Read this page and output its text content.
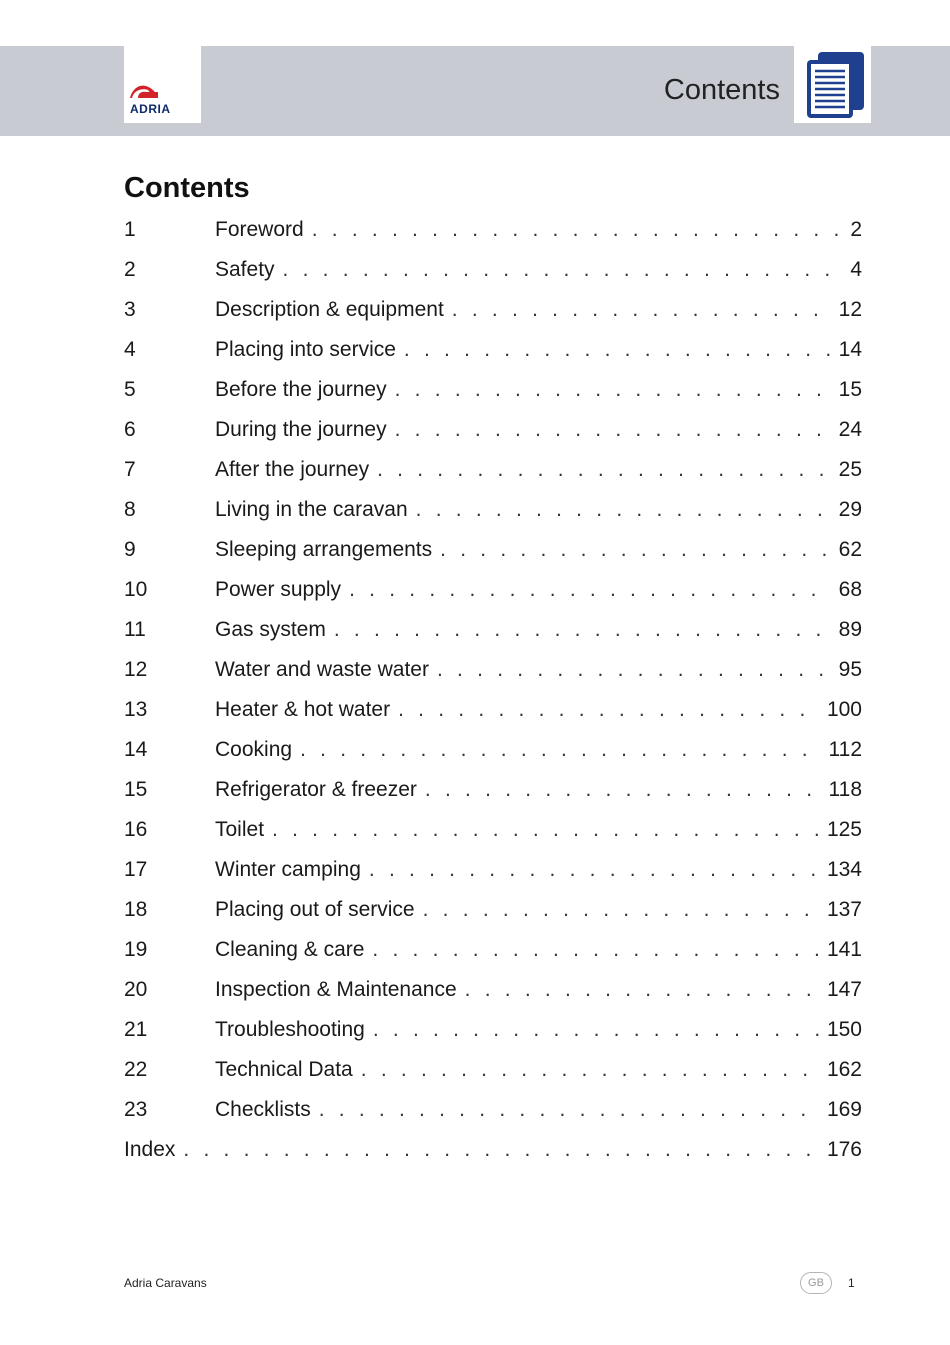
ADRIA
Contents
Contents
1	Foreword . . .	2
2	Safety . . .	4
3	Description & equipment . . .	12
4	Placing into service . . .	14
5	Before the journey . . .	15
6	During the journey . . .	24
7	After the journey . . .	25
8	Living in the caravan . . .	29
9	Sleeping arrangements . . .	62
10	Power supply . . .	68
11	Gas system . . .	89
12	Water and waste water . . .	95
13	Heater & hot water . . .	100
14	Cooking . . .	112
15	Refrigerator & freezer . . .	118
16	Toilet . . .	125
17	Winter camping . . .	134
18	Placing out of service . . .	137
19	Cleaning & care . . .	141
20	Inspection & Maintenance . . .	147
21	Troubleshooting . . .	150
22	Technical Data . . .	162
23	Checklists . . .	169
Index . . .	176
Adria Caravans	GB	1
